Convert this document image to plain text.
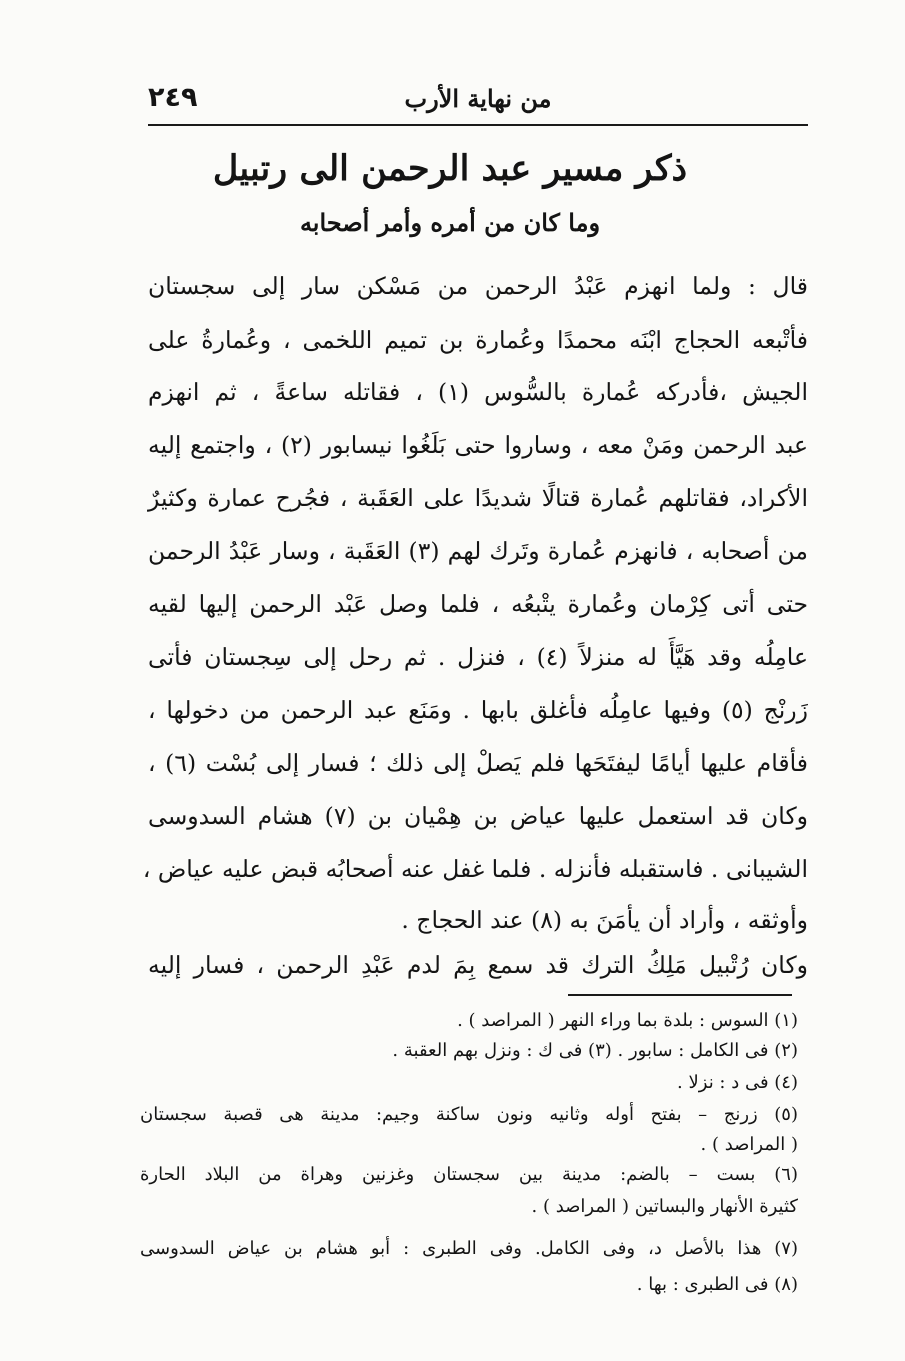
٢٤٩	من نهاية الأرب
ذكر مسير عبد الرحمن الى رتبيل
وما كان من أمره وأمر أصحابه
قال : ولما انهزم عَبْدُ الرحمن من مَسْكن سار إلى سجستان
فأتْبعه الحجاج ابْنَه محمدًا وعُمارة بن تميم اللخمى ، وعُمارةُ على
الجيش ،فأدركه عُمارة بالسُّوس (١) ، فقاتله ساعةً ، ثم انهزم
عبد الرحمن ومَنْ معه ، وساروا حتى بَلَغُوا نيسابور (٢) ، واجتمع إليه
الأكراد، فقاتلهم عُمارة قتالًا شديدًا على العَقَبة ، فجُرح عمارة وكثيرٌ
من أصحابه ، فانهزم عُمارة وتَرك لهم (٣) العَقَبة ، وسار عَبْدُ الرحمن
حتى أتى كِرْمان وعُمارة يتْبعُه ، فلما وصل عَبْد الرحمن إليها لقيه
عامِلُه وقد هَيَّأَ له منزلاً (٤) ، فنزل . ثم رحل إلى سِجستان فأتى
زَرنْج (٥) وفيها عامِلُه فأغلق بابها . ومَنَع عبد الرحمن من دخولها ،
فأقام عليها أيامًا ليفتَحَها فلم يَصلْ إلى ذلك ؛ فسار إلى بُسْت (٦) ،
وكان قد استعمل عليها عياض بن هِمْيان بن (٧) هشام السدوسى
الشيبانى . فاستقبله فأنزله . فلما غفل عنه أصحابُه قبض عليه عياض ،
وأوثقه ، وأراد أن يأمَنَ به (٨) عند الحجاج .
وكان رُتْبيل مَلِكُ الترك قد سمع بِمَ لدم عَبْدِ الرحمن ، فسار إليه
(١) السوس : بلدة بما وراء النهر ( المراصد ) .
(٢) فى الكامل : سابور . (٣) فى ك : ونزل بهم العقبة .
(٤) فى د : نزلا .
(٥) زرنج – بفتح أوله وثانيه ونون ساكنة وجيم: مدينة هى قصبة سجستان
( المراصد ) .
(٦) بست – بالضم: مدينة بين سجستان وغزنين وهراة من البلاد الحارة
كثيرة الأنهار والبساتين ( المراصد ) .
(٧) هذا بالأصل د، وفى الكامل. وفى الطبرى : أبو هشام بن عياض السدوسى
(٨) فى الطبرى : بها .
